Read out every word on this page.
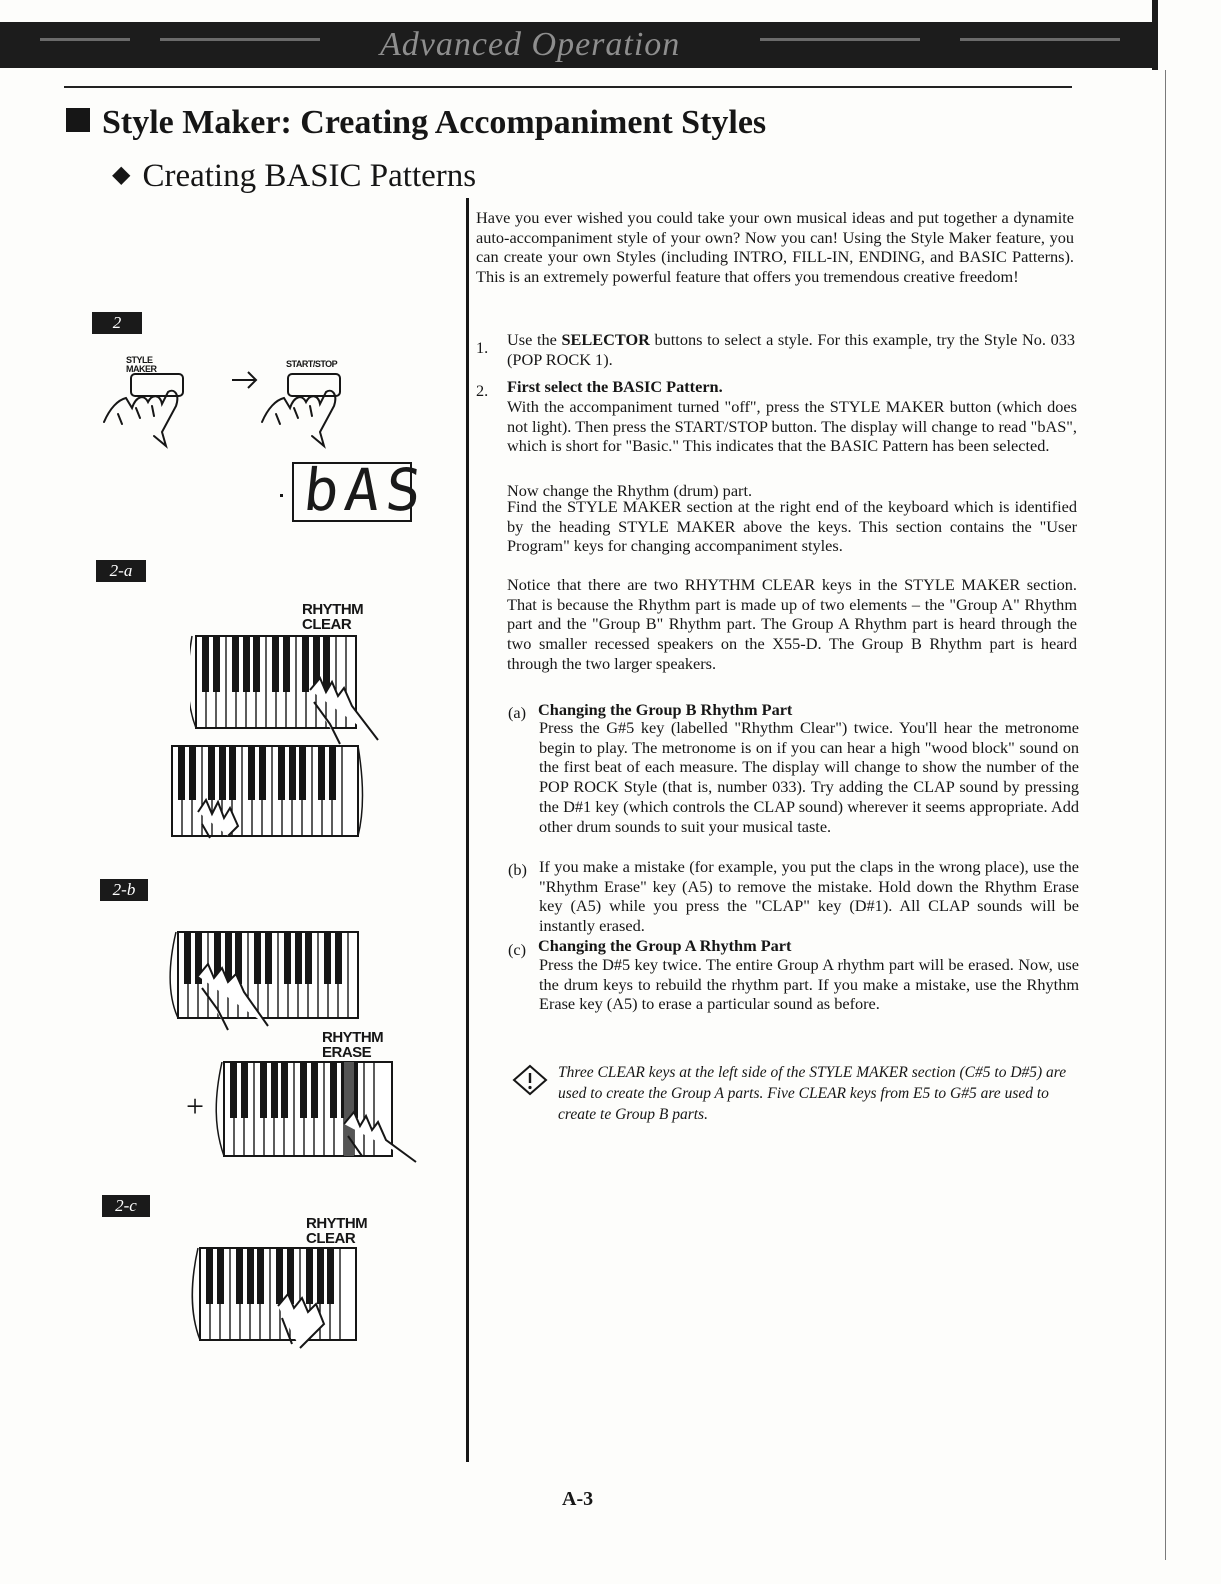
Advanced Operation
Style Maker: Creating Accompaniment Styles
◆ Creating BASIC Patterns
2
STYLE MAKER	START/STOP
bAS
2-a
RHYTHM CLEAR
2-b
RHYTHM ERASE
+
2-c
RHYTHM CLEAR
Have you ever wished you could take your own musical ideas and put together a dynamite auto-accompaniment style of your own? Now you can! Using the Style Maker feature, you can create your own Styles (including INTRO, FILL-IN, ENDING, and BASIC Patterns). This is an extremely powerful feature that offers you tremendous creative freedom!
1. Use the SELECTOR buttons to select a style. For this example, try the Style No. 033 (POP ROCK 1).
2. First select the BASIC Pattern.
With the accompaniment turned "off", press the STYLE MAKER button (which does not light). Then press the START/STOP button. The display will change to read "bAS", which is short for "Basic." This indicates that the BASIC Pattern has been selected.
Now change the Rhythm (drum) part.
Find the STYLE MAKER section at the right end of the keyboard which is identified by the heading STYLE MAKER above the keys. This section contains the "User Program" keys for changing accompaniment styles.
Notice that there are two RHYTHM CLEAR keys in the STYLE MAKER section. That is because the Rhythm part is made up of two elements – the "Group A" Rhythm part and the "Group B" Rhythm part. The Group A Rhythm part is heard through the two smaller recessed speakers on the X55-D. The Group B Rhythm part is heard through the two larger speakers.
(a) Changing the Group B Rhythm Part
Press the G#5 key (labelled "Rhythm Clear") twice. You'll hear the metronome begin to play. The metronome is on if you can hear a high "wood block" sound on the first beat of each measure. The display will change to show the number of the POP ROCK Style (that is, number 033). Try adding the CLAP sound by pressing the D#1 key (which controls the CLAP sound) wherever it seems appropriate. Add other drum sounds to suit your musical taste.
(b) If you make a mistake (for example, you put the claps in the wrong place), use the "Rhythm Erase" key (A5) to remove the mistake. Hold down the Rhythm Erase key (A5) while you press the "CLAP" key (D#1). All CLAP sounds will be instantly erased.
(c) Changing the Group A Rhythm Part
Press the D#5 key twice. The entire Group A rhythm part will be erased. Now, use the drum keys to rebuild the rhythm part. If you make a mistake, use the Rhythm Erase key (A5) to erase a particular sound as before.
Three CLEAR keys at the left side of the STYLE MAKER section (C#5 to D#5) are used to create the Group A parts. Five CLEAR keys from E5 to G#5 are used to create te Group B parts.
A-3
